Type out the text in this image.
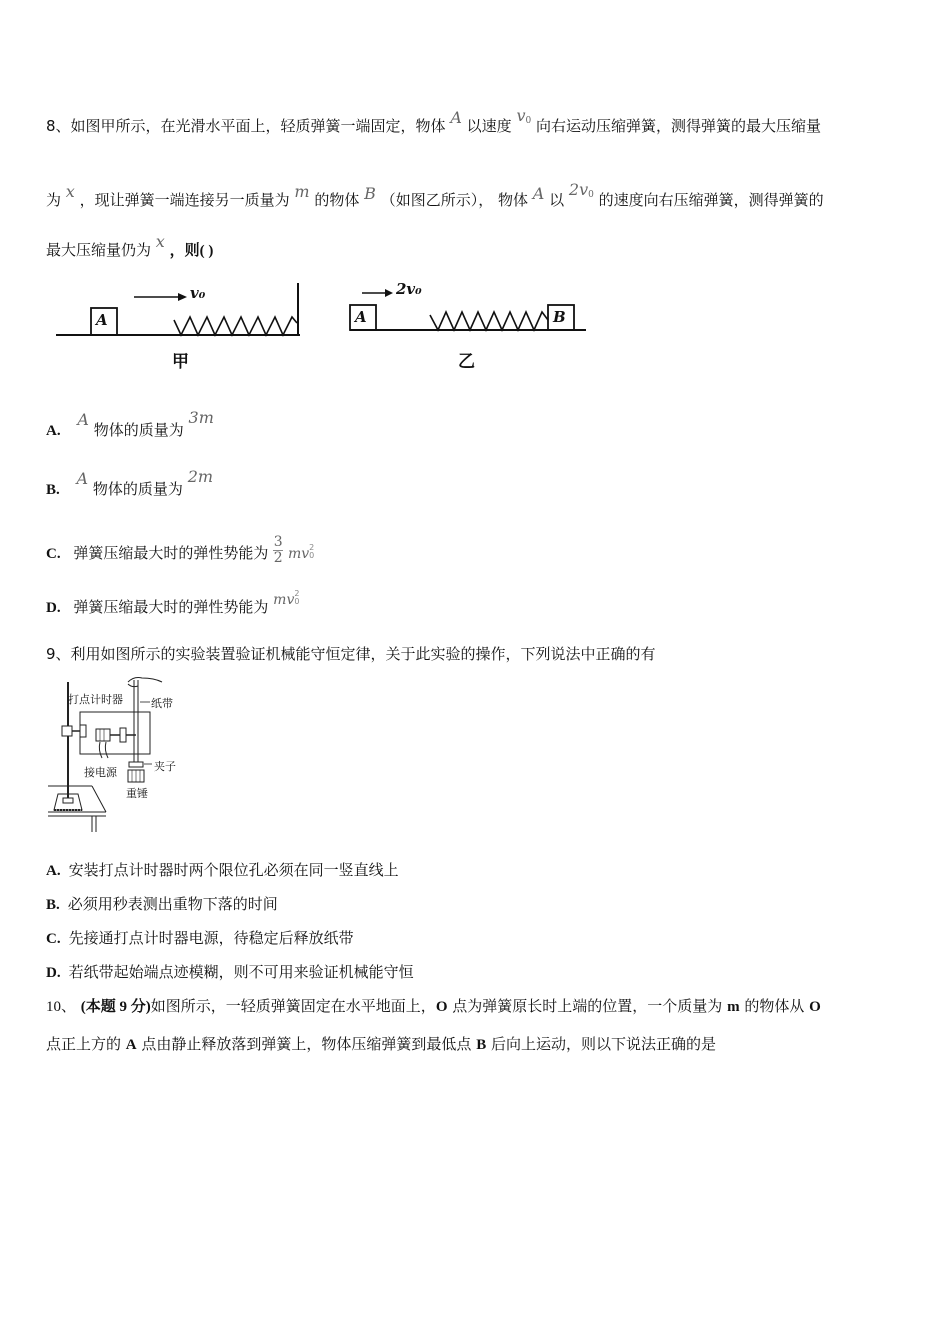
8、如图甲所示，在光滑水平面上，轻质弹簧一端固定，物体 A 以速度 v0 向右运动压缩弹簧，测得弹簧的最大压缩量
为 x ，现让弹簧一端连接另一质量为 m 的物体 B （如图乙所示）， 物体 A 以 2v0 的速度向右压缩弹簧，测得弹簧的
最大压缩量仍为 x ，则( )
A
v₀
甲
A	B
2v₀
乙
A. A 物体的质量为 3m
B. A 物体的质量为 2m
C. 弹簧压缩最大时的弹性势能为 $\frac{3}{2}$ mv 2
0
D. 弹簧压缩最大时的弹性势能为 mv 2
0
9、利用如图所示的实验装置验证机械能守恒定律，关于此实验的操作，下列说法中正确的有
打点计时器	纸带
接电源	夹子
重锤
A. 安装打点计时器时两个限位孔必须在同一竖直线上
B. 必须用秒表测出重物下落的时间
C. 先接通打点计时器电源，待稳定后释放纸带
D. 若纸带起始端点迹模糊，则不可用来验证机械能守恒
10、 (本题 9 分)如图所示，一轻质弹簧固定在水平地面上，O 点为弹簧原长时上端的位置，一个质量为 m 的物体从 O
点正上方的 A 点由静止释放落到弹簧上，物体压缩弹簧到最低点 B 后向上运动，则以下说法正确的是
